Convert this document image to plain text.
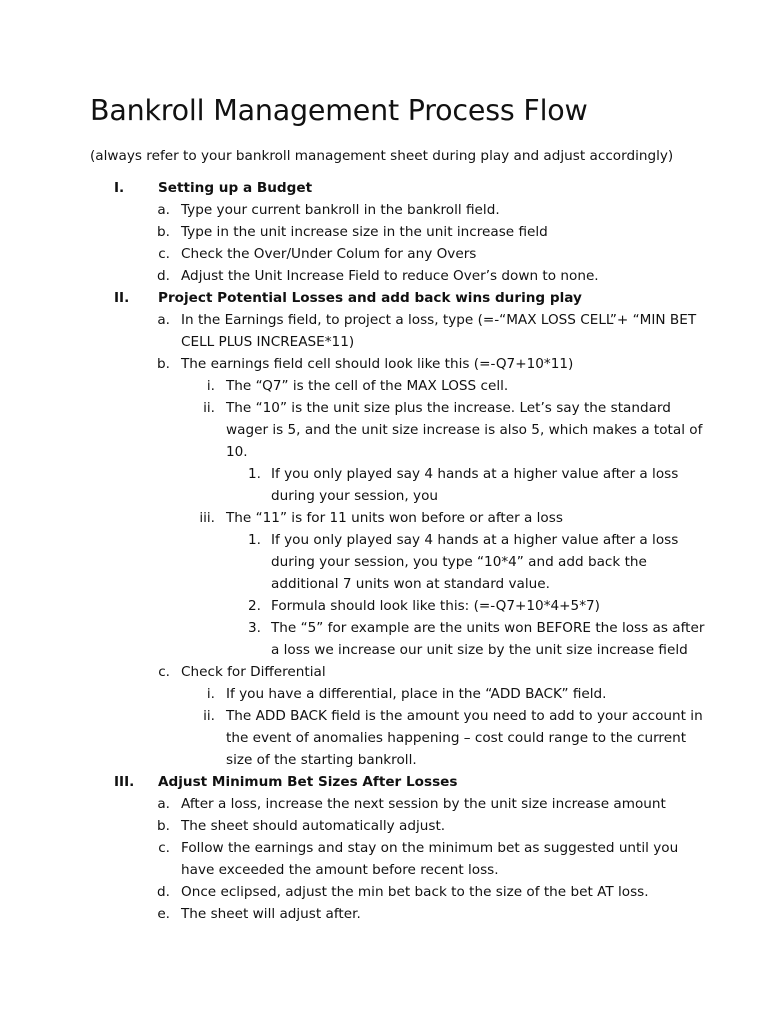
Bankroll Management Process Flow
(always refer to your bankroll management sheet during play and adjust accordingly)
I. Setting up a Budget
a. Type your current bankroll in the bankroll field.
b. Type in the unit increase size in the unit increase field
c. Check the Over/Under Colum for any Overs
d. Adjust the Unit Increase Field to reduce Over’s down to none.
II. Project Potential Losses and add back wins during play
a. In the Earnings field, to project a loss, type (=-“MAX LOSS CELL”+ “MIN BET
CELL PLUS INCREASE*11)
b. The earnings field cell should look like this (=-Q7+10*11)
i. The “Q7” is the cell of the MAX LOSS cell.
ii. The “10” is the unit size plus the increase. Let’s say the standard
wager is 5, and the unit size increase is also 5, which makes a total of
10.
1. If you only played say 4 hands at a higher value after a loss
during your session, you
iii. The “11” is for 11 units won before or after a loss
1. If you only played say 4 hands at a higher value after a loss
during your session, you type “10*4” and add back the
additional 7 units won at standard value.
2. Formula should look like this: (=-Q7+10*4+5*7)
3. The “5” for example are the units won BEFORE the loss as after
a loss we increase our unit size by the unit size increase field
c. Check for Differential
i. If you have a differential, place in the “ADD BACK” field.
ii. The ADD BACK field is the amount you need to add to your account in
the event of anomalies happening – cost could range to the current
size of the starting bankroll.
III. Adjust Minimum Bet Sizes After Losses
a. After a loss, increase the next session by the unit size increase amount
b. The sheet should automatically adjust.
c. Follow the earnings and stay on the minimum bet as suggested until you
have exceeded the amount before recent loss.
d. Once eclipsed, adjust the min bet back to the size of the bet AT loss.
e. The sheet will adjust after.
